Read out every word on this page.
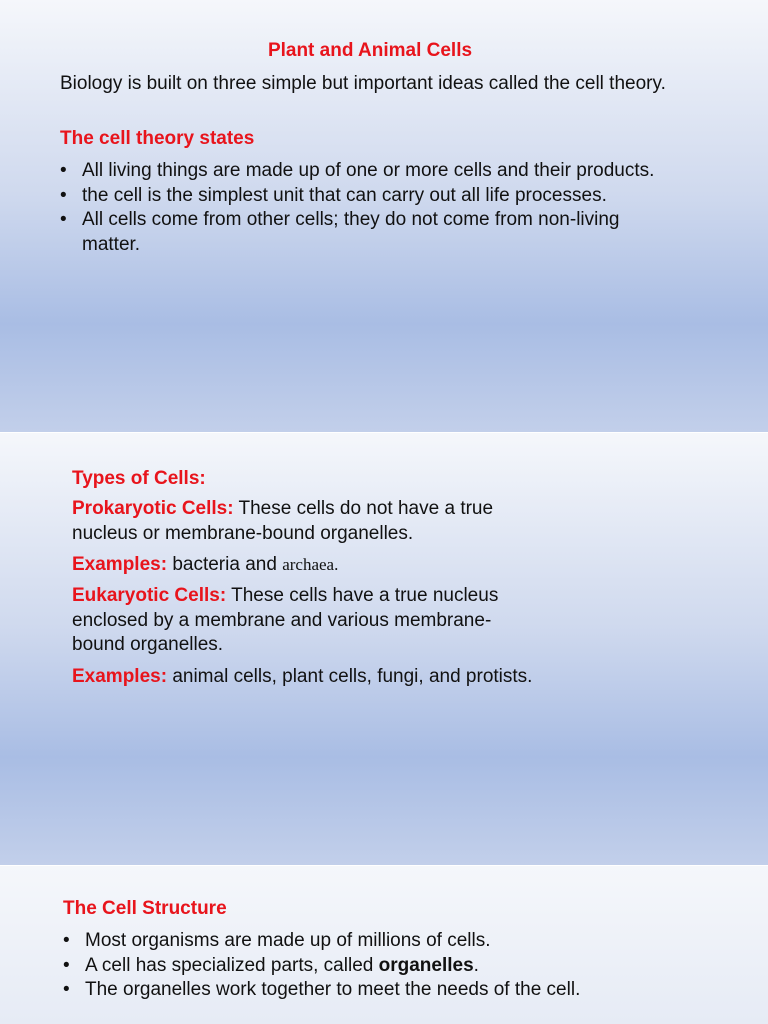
Plant and Animal Cells
Biology is built on three simple but important ideas called the cell theory.
The cell theory states
• All living things are made up of one or more cells and their products.
• the cell is the simplest unit that can carry out all life processes.
• All cells come from other cells; they do not come from non-living matter.
Types of Cells:
Prokaryotic Cells: These cells do not have a true nucleus or membrane-bound organelles.
Examples: bacteria and archaea.
Eukaryotic Cells: These cells have a true nucleus enclosed by a membrane and various membrane-bound organelles.
Examples: animal cells, plant cells, fungi, and protists.
The Cell Structure
• Most organisms are made up of millions of cells.
• A cell has specialized parts, called organelles.
• The organelles work together to meet the needs of the cell.
